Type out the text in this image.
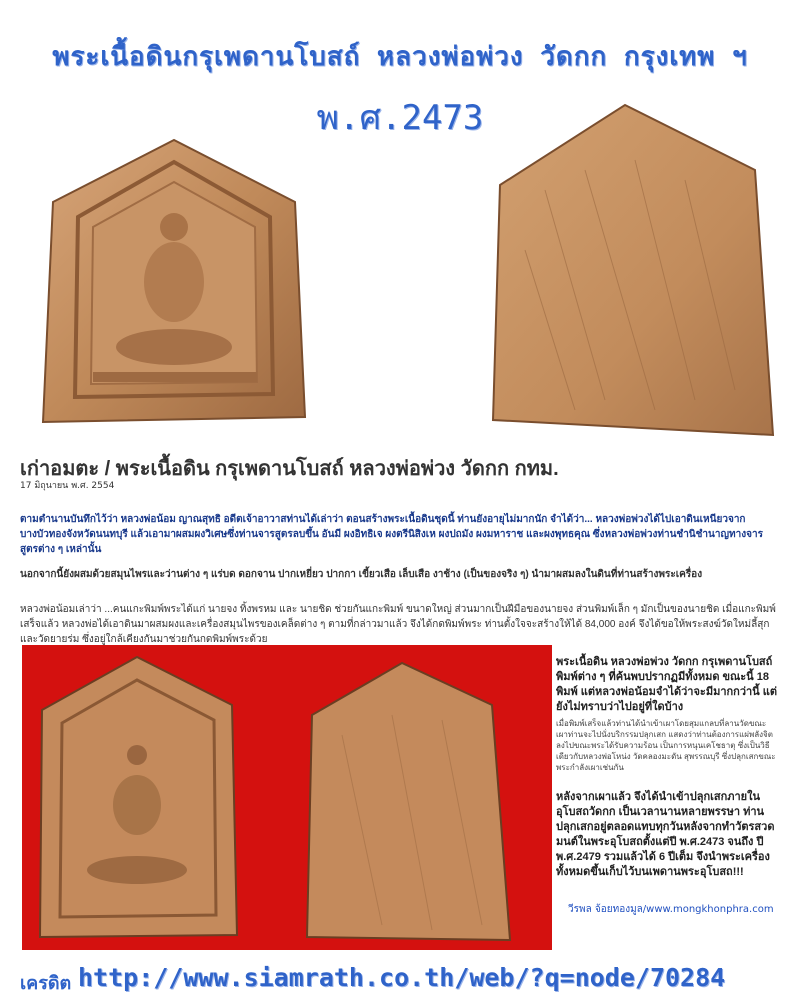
พระเนื้อดินกรุเพดานโบสถ์ หลวงพ่อพ่วง วัดกก กรุงเทพ ฯ
พ.ศ.2473
เก่าอมตะ / พระเนื้อดิน กรุเพดานโบสถ์ หลวงพ่อพ่วง วัดกก กทม.
17 มิถุนายน พ.ศ. 2554
ตามตำนานบันทึกไว้ว่า หลวงพ่อน้อม ญาณสุทธิ อดีตเจ้าอาวาสท่านได้เล่าว่า ตอนสร้างพระเนื้อดินชุดนี้ ท่านยังอายุไม่มากนัก จำได้ว่า... หลวงพ่อพ่วงได้ไปเอาดินเหนียวจากบางบัวทองจังหวัดนนทบุรี แล้วเอามาผสมผงวิเศษซึ่งท่านจารสูตรลบขึ้น อันมี ผงอิทธิเจ ผงตรีนิสิงเห ผงปถมัง ผงมหาราช และผงพุทธคุณ ซึ่งหลวงพ่อพ่วงท่านชำนิชำนาญทางจารสูตรต่าง ๆ เหล่านั้น
นอกจากนี้ยังผสมด้วยสมุนไพรและว่านต่าง ๆ แร่บด ดอกจาน ปากเหยี่ยว ปากกา เขี้ยวเสือ เล็บเสือ งาช้าง (เป็นของจริง ๆ) นำมาผสมลงในดินที่ท่านสร้างพระเครื่อง
หลวงพ่อน้อมเล่าว่า ...คนแกะพิมพ์พระได้แก่ นายจง ทิ้งพรหม และ นายชิด ช่วยกันแกะพิมพ์ ขนาดใหญ่ ส่วนมากเป็นฝีมือของนายจง ส่วนพิมพ์เล็ก ๆ มักเป็นของนายชิด เมื่อแกะพิมพ์เสร็จแล้ว หลวงพ่อได้เอาดินมาผสมผงและเครื่องสมุนไพรของเคล็ดต่าง ๆ ตามที่กล่าวมาแล้ว จึงได้กดพิมพ์พระ ท่านตั้งใจจะสร้างให้ได้ 84,000 องค์ จึงได้ขอให้พระสงฆ์วัดใหม่ลี้สุก และวัดยายร่ม ซึ่งอยู่ใกล้เคียงกันมาช่วยกันกดพิมพ์พระด้วย
พระเนื้อดิน หลวงพ่อพ่วง วัดกก กรุเพดานโบสถ์พิมพ์ต่าง ๆ ที่ค้นพบปรากฏมีทั้งหมด ขณะนี้ 18 พิมพ์ แต่หลวงพ่อน้อมจำได้ว่าจะมีมากกว่านี้ แต่ยังไม่ทราบว่าไปอยู่ที่ใดบ้าง
เมื่อพิมพ์เสร็จแล้วท่านได้นำเข้าเผาโดยสุมแกลบที่ลานวัดขณะเผาท่านจะไปนั่งบริกรรมปลุกเสก แสดงว่าท่านต้องการแผ่พลังจิตลงไปขณะพระได้รับความร้อน เป็นการหนุนเคโชธาตุ ซึ่งเป็นวิธีเดียวกับหลวงพ่อโหน่ง วัดคลองมะดัน สุพรรณบุรี ซึ่งปลุกเสกขณะพระกำลังเผาเช่นกัน
หลังจากเผาแล้ว จึงได้นำเข้าปลุกเสกภายในอุโบสถวัดกก เป็นเวลานานหลายพรรษา ท่านปลุกเสกอยู่ตลอดแทบทุกวันหลังจากทำวัตรสวดมนต์ในพระอุโบสถตั้งแต่ปี พ.ศ.2473 จนถึง ปี พ.ศ.2479 รวมแล้วได้ 6 ปีเต็ม จึงนำพระเครื่องทั้งหมดขึ้นเก็บไว้บนเพดานพระอุโบสถ!!!
วีรพล จ้อยทองมูล/www.mongkhonphra.com
เครดิต http://www.siamrath.co.th/web/?q=node/70284
